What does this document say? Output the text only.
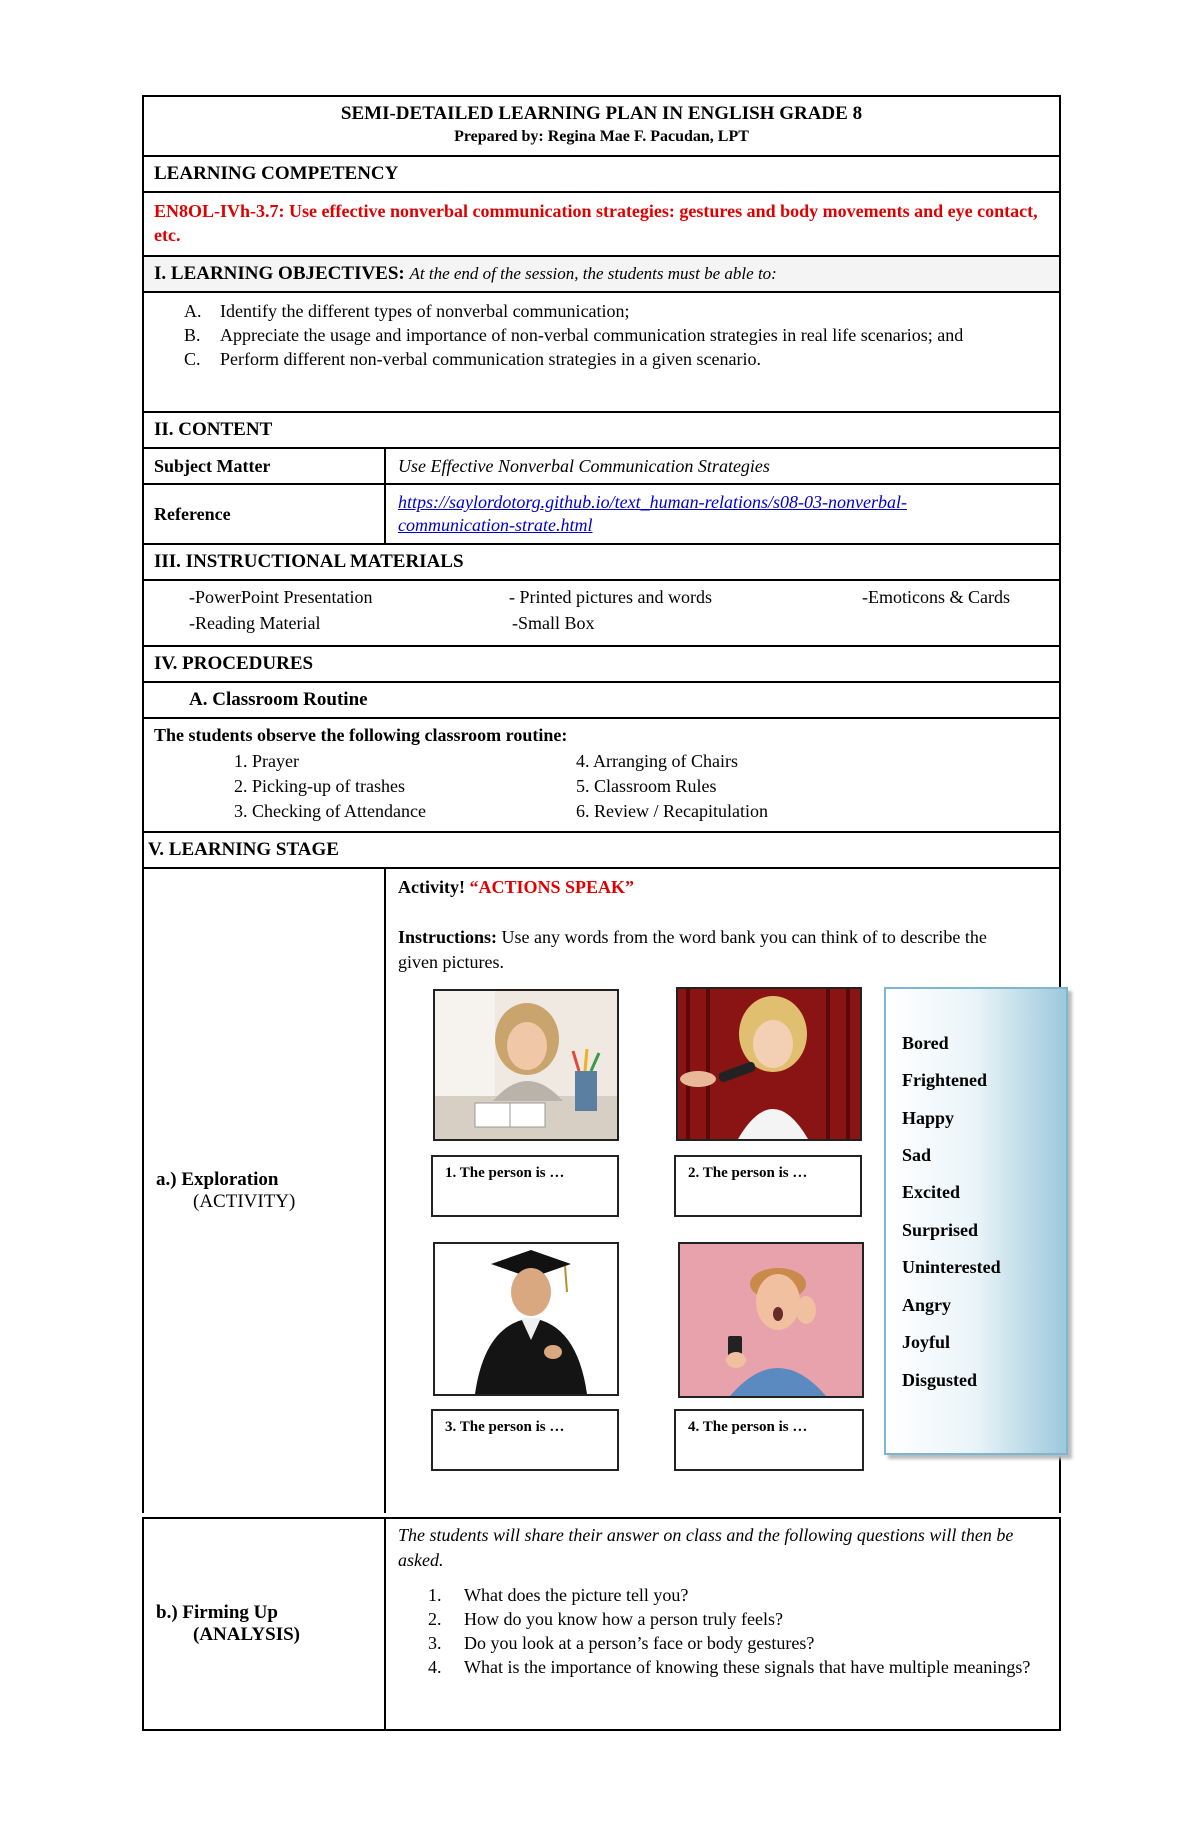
SEMI-DETAILED LEARNING PLAN IN ENGLISH GRADE 8
Prepared by: Regina Mae F. Pacudan, LPT
LEARNING COMPETENCY
EN8OL-IVh-3.7: Use effective nonverbal communication strategies: gestures and body movements and eye contact, etc.
I. LEARNING OBJECTIVES: At the end of the session, the students must be able to:
A.	Identify the different types of nonverbal communication;
B.	Appreciate the usage and importance of non-verbal communication strategies in real life scenarios; and
C.	Perform different non-verbal communication strategies in a given scenario.
II. CONTENT
Subject Matter	Use Effective Nonverbal Communication Strategies
Reference
https://saylordotorg.github.io/text_human-relations/s08-03-nonverbal-
communication-strate.html
III. INSTRUCTIONAL MATERIALS
-PowerPoint Presentation	- Printed pictures and words	-Emoticons & Cards
-Reading Material	-Small Box
IV. PROCEDURES
A. Classroom Routine
The students observe the following classroom routine:
1. Prayer
2. Picking-up of trashes
3. Checking of Attendance
4. Arranging of Chairs
5. Classroom Rules
6. Review / Recapitulation
V. LEARNING STAGE
a.) Exploration
(ACTIVITY)
Activity! “ACTIONS SPEAK”
Instructions: Use any words from the word bank you can think of to describe the given pictures.
1. The person is …	2. The person is …
3. The person is …	4. The person is …
Bored
Frightened
Happy
Sad
Excited
Surprised
Uninterested
Angry
Joyful
Disgusted
b.) Firming Up
(ANALYSIS)
The students will share their answer on class and the following questions will then be asked.
1.	What does the picture tell you?
2.	How do you know how a person truly feels?
3.	Do you look at a person’s face or body gestures?
4.	What is the importance of knowing these signals that have multiple meanings?
